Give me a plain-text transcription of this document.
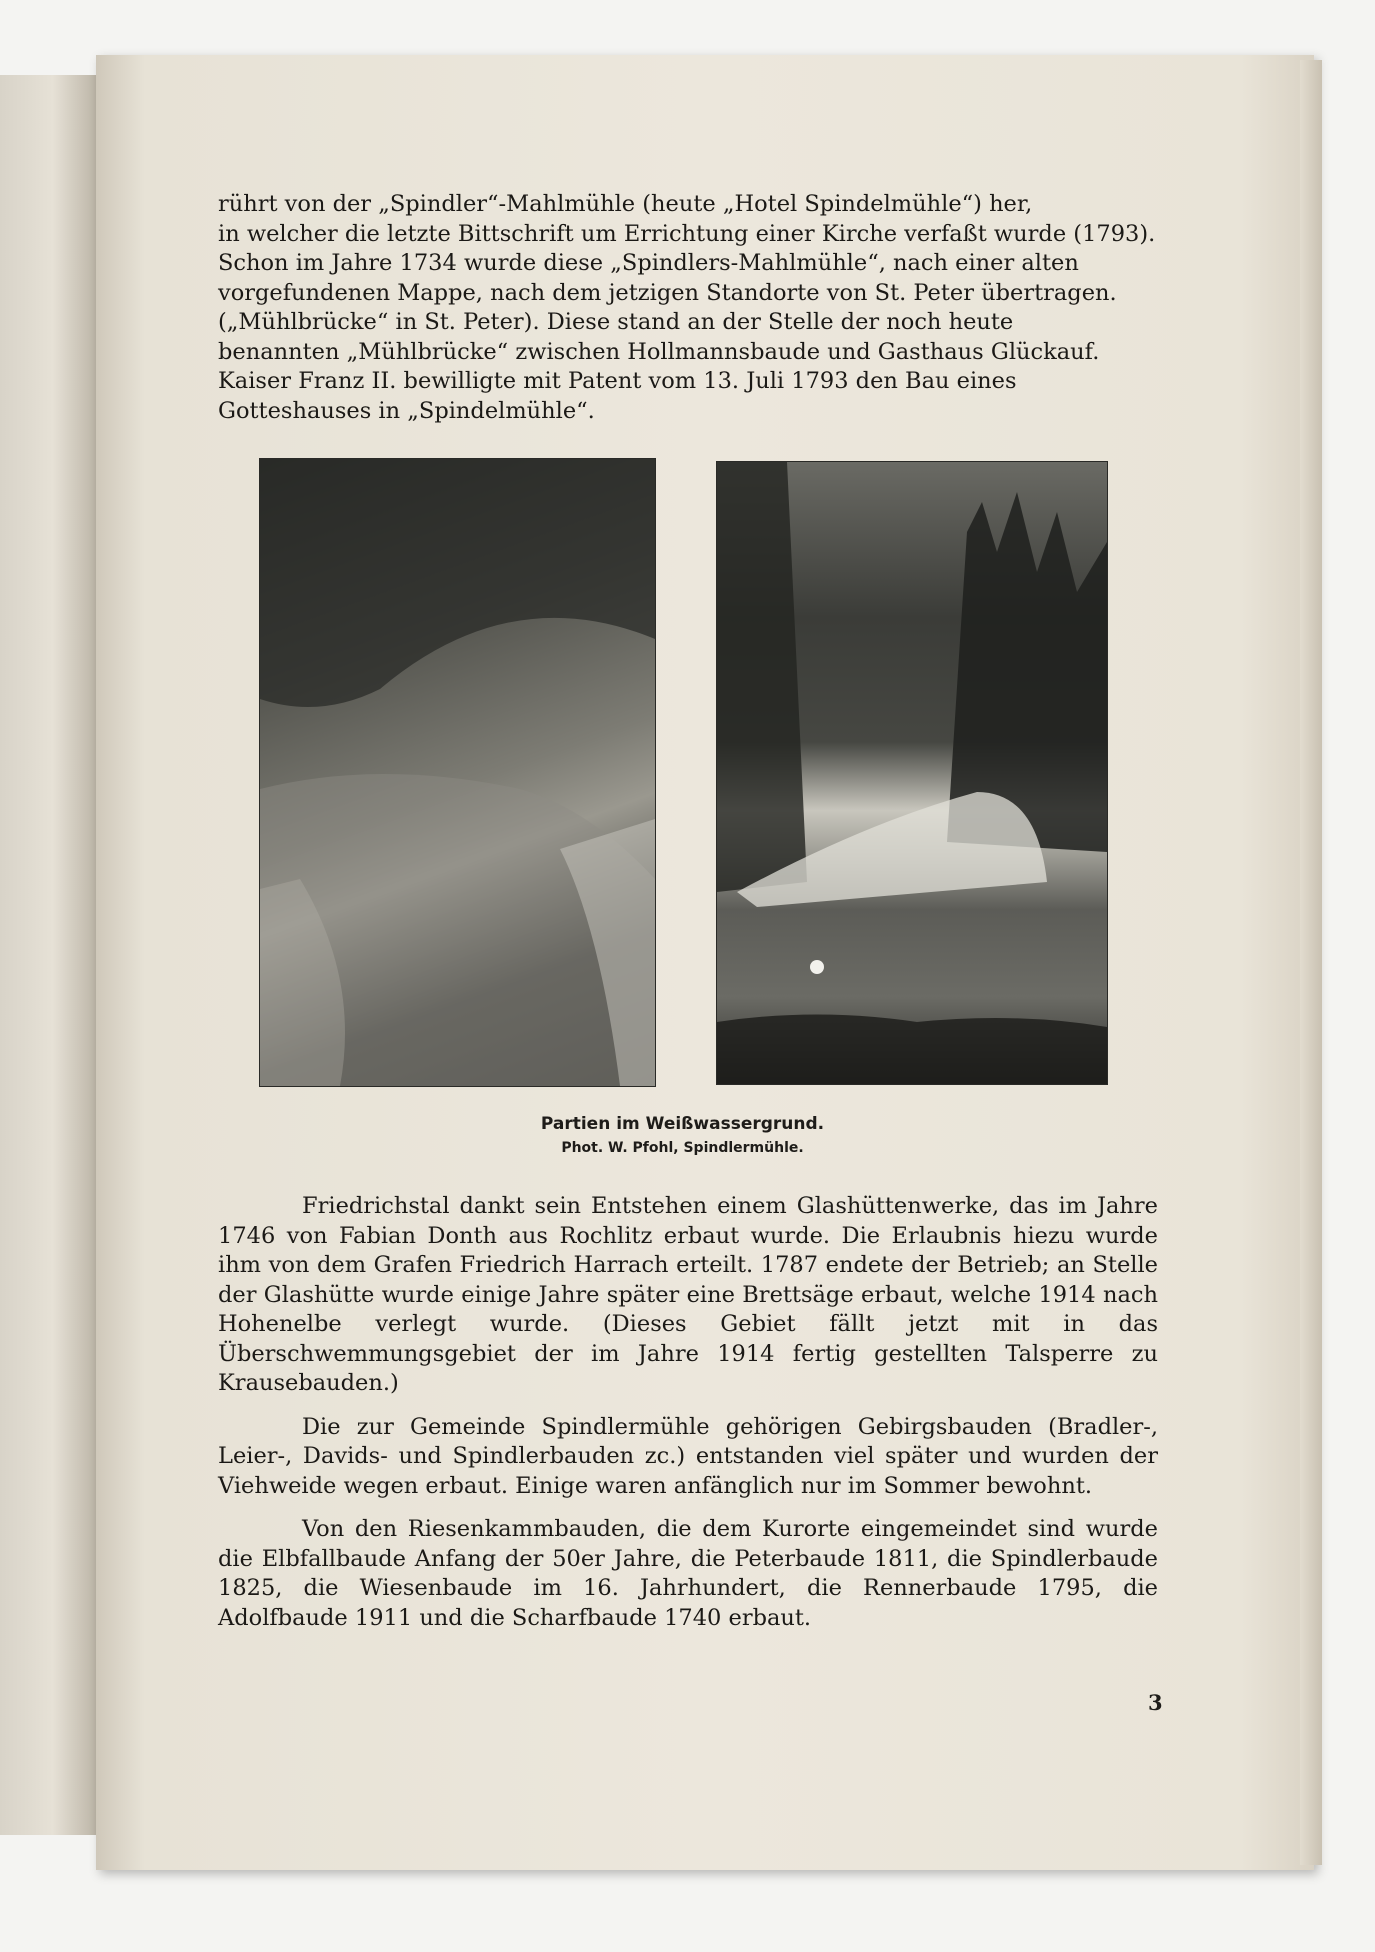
rührt von der „Spindler“-Mahlmühle (heute „Hotel Spindelmühle“) her,

in welcher die letzte Bittschrift um Errichtung einer Kirche verfaßt wurde (1793).

Schon im Jahre 1734 wurde diese „Spindlers-Mahlmühle“, nach einer alten

vorgefundenen Mappe, nach dem jetzigen Standorte von St. Peter übertragen.

(„Mühlbrücke“ in St. Peter). Diese stand an der Stelle der noch heute

benannten „Mühlbrücke“ zwischen Hollmannsbaude und Gasthaus Glückauf.

Kaiser Franz II. bewilligte mit Patent vom 13. Juli 1793 den Bau eines

Gotteshauses in „Spindelmühle“.

Partien im Weißwassergrund.
Phot. W. Pfohl, Spindlermühle.

Friedrichstal dankt sein Entstehen einem Glashüttenwerke, das im Jahre 1746 von Fabian Donth aus Rochlitz erbaut wurde. Die Erlaubnis hiezu wurde ihm von dem Grafen Friedrich Harrach erteilt. 1787 endete der Betrieb; an Stelle der Glashütte wurde einige Jahre später eine Brettsäge erbaut, welche 1914 nach Hohenelbe verlegt wurde. (Dieses Gebiet fällt jetzt mit in das Überschwemmungsgebiet der im Jahre 1914 fertig gestellten Talsperre zu Krausebauden.)

Die zur Gemeinde Spindlermühle gehörigen Gebirgsbauden (Bradler-, Leier-, Davids- und Spindlerbauden zc.) entstanden viel später und wurden der Viehweide wegen erbaut. Einige waren anfänglich nur im Sommer bewohnt.

Von den Riesenkammbauden, die dem Kurorte eingemeindet sind wurde die Elbfallbaude Anfang der 50er Jahre, die Peterbaude 1811, die Spindlerbaude 1825, die Wiesenbaude im 16. Jahrhundert, die Rennerbaude 1795, die Adolfbaude 1911 und die Scharfbaude 1740 erbaut.

3
